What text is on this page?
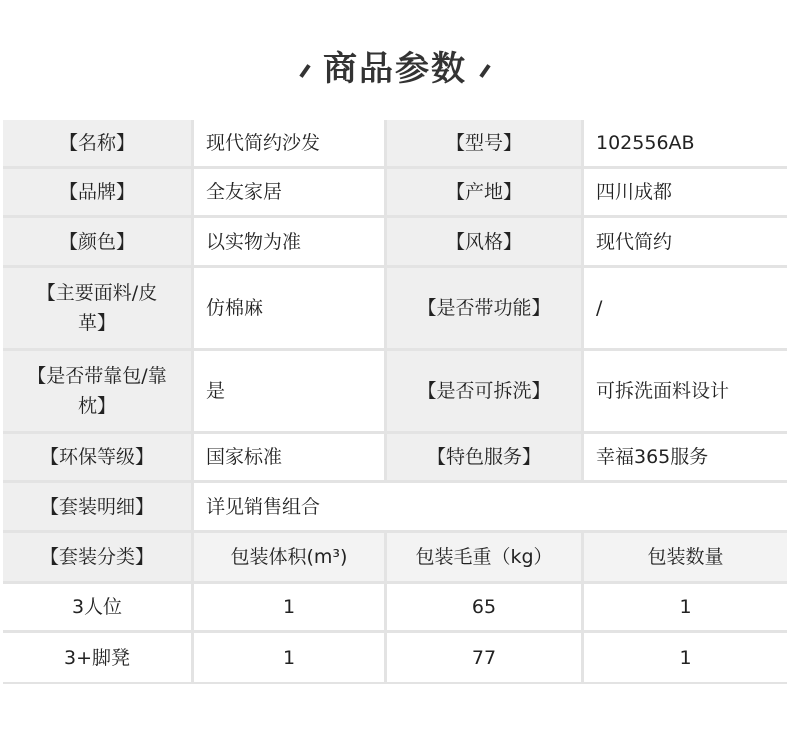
商品参数
【名称】	现代简约沙发	【型号】	102556AB
【品牌】	全友家居	【产地】	四川成都
【颜色】	以实物为准	【风格】	现代简约
【主要面料/皮
革】
仿棉麻	【是否带功能】	/
【是否带靠包/靠
枕】
是	【是否可拆洗】	可拆洗面料设计
【环保等级】	国家标准	【特色服务】	幸福365服务
【套装明细】	详见销售组合
【套装分类】	包装体积(m³)	包装毛重（kg）	包装数量
3人位	1	65	1
3+脚凳	1	77	1
